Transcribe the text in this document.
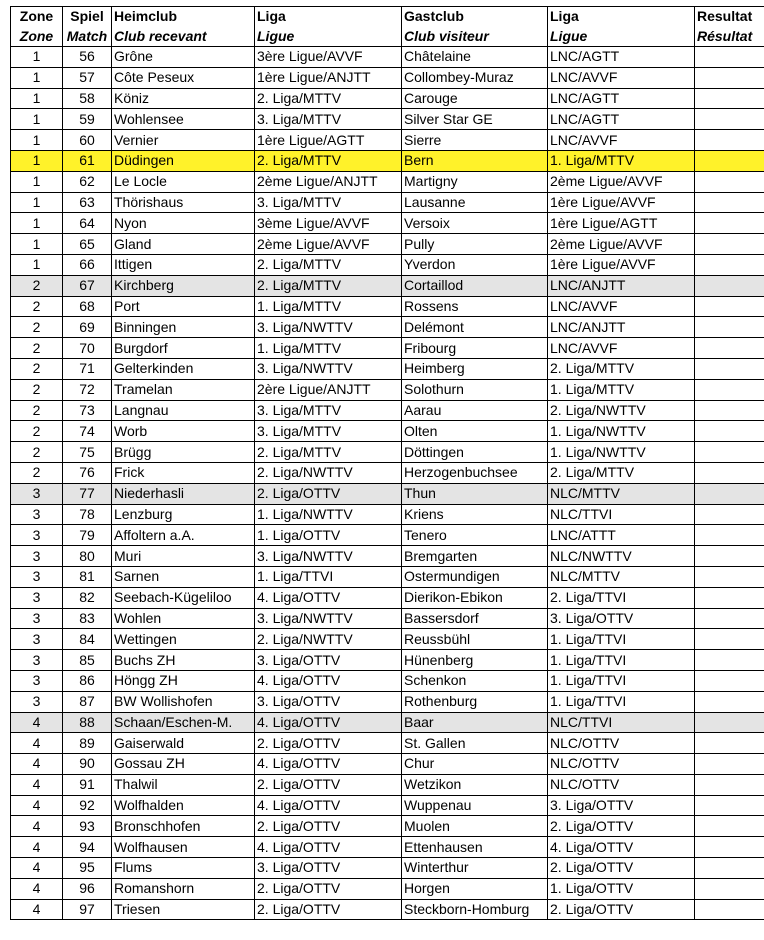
Zone	Spiel	Heimclub	Liga	Gastclub	Liga	Resultat
Zone	Match	Club recevant	Ligue	Club visiteur	Ligue	Résultat
1	56	Grône	3ère Ligue/AVVF	Châtelaine	LNC/AGTT	
1	57	Côte Peseux	1ère Ligue/ANJTT	Collombey-Muraz	LNC/AVVF	
1	58	Köniz	2. Liga/MTTV	Carouge	LNC/AGTT	
1	59	Wohlensee	3. Liga/MTTV	Silver Star GE	LNC/AGTT	
1	60	Vernier	1ère Ligue/AGTT	Sierre	LNC/AVVF	
1	61	Düdingen	2. Liga/MTTV	Bern	1. Liga/MTTV	
1	62	Le Locle	2ème Ligue/ANJTT	Martigny	2ème Ligue/AVVF	
1	63	Thörishaus	3. Liga/MTTV	Lausanne	1ère Ligue/AVVF	
1	64	Nyon	3ème Ligue/AVVF	Versoix	1ère Ligue/AGTT	
1	65	Gland	2ème Ligue/AVVF	Pully	2ème Ligue/AVVF	
1	66	Ittigen	2. Liga/MTTV	Yverdon	1ère Ligue/AVVF	
2	67	Kirchberg	2. Liga/MTTV	Cortaillod	LNC/ANJTT	
2	68	Port	1. Liga/MTTV	Rossens	LNC/AVVF	
2	69	Binningen	3. Liga/NWTTV	Delémont	LNC/ANJTT	
2	70	Burgdorf	1. Liga/MTTV	Fribourg	LNC/AVVF	
2	71	Gelterkinden	3. Liga/NWTTV	Heimberg	2. Liga/MTTV	
2	72	Tramelan	2ère Ligue/ANJTT	Solothurn	1. Liga/MTTV	
2	73	Langnau	3. Liga/MTTV	Aarau	2. Liga/NWTTV	
2	74	Worb	3. Liga/MTTV	Olten	1. Liga/NWTTV	
2	75	Brügg	2. Liga/MTTV	Döttingen	1. Liga/NWTTV	
2	76	Frick	2. Liga/NWTTV	Herzogenbuchsee	2. Liga/MTTV	
3	77	Niederhasli	2. Liga/OTTV	Thun	NLC/MTTV	
3	78	Lenzburg	1. Liga/NWTTV	Kriens	NLC/TTVI	
3	79	Affoltern a.A.	1. Liga/OTTV	Tenero	LNC/ATTT	
3	80	Muri	3. Liga/NWTTV	Bremgarten	NLC/NWTTV	
3	81	Sarnen	1. Liga/TTVI	Ostermundigen	NLC/MTTV	
3	82	Seebach-Kügeliloo	4. Liga/OTTV	Dierikon-Ebikon	2. Liga/TTVI	
3	83	Wohlen	3. Liga/NWTTV	Bassersdorf	3. Liga/OTTV	
3	84	Wettingen	2. Liga/NWTTV	Reussbühl	1. Liga/TTVI	
3	85	Buchs ZH	3. Liga/OTTV	Hünenberg	1. Liga/TTVI	
3	86	Höngg ZH	4. Liga/OTTV	Schenkon	1. Liga/TTVI	
3	87	BW Wollishofen	3. Liga/OTTV	Rothenburg	1. Liga/TTVI	
4	88	Schaan/Eschen-M.	4. Liga/OTTV	Baar	NLC/TTVI	
4	89	Gaiserwald	2. Liga/OTTV	St. Gallen	NLC/OTTV	
4	90	Gossau ZH	4. Liga/OTTV	Chur	NLC/OTTV	
4	91	Thalwil	2. Liga/OTTV	Wetzikon	NLC/OTTV	
4	92	Wolfhalden	4. Liga/OTTV	Wuppenau	3. Liga/OTTV	
4	93	Bronschhofen	2. Liga/OTTV	Muolen	2. Liga/OTTV	
4	94	Wolfhausen	4. Liga/OTTV	Ettenhausen	4. Liga/OTTV	
4	95	Flums	3. Liga/OTTV	Winterthur	2. Liga/OTTV	
4	96	Romanshorn	2. Liga/OTTV	Horgen	1. Liga/OTTV	
4	97	Triesen	2. Liga/OTTV	Steckborn-Homburg	2. Liga/OTTV	
